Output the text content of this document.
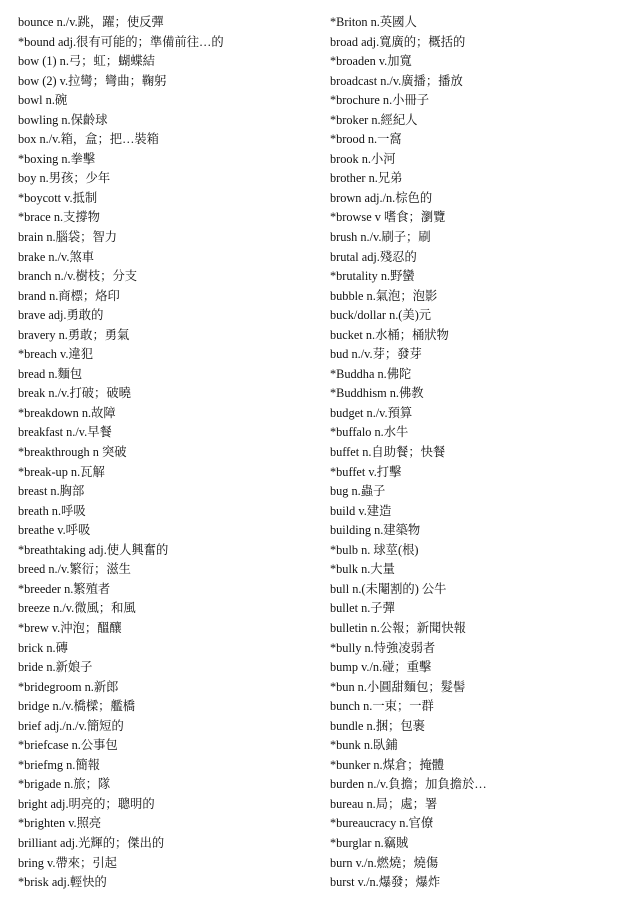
bounce n./v.跳，躍；使反彈
*bound adj.很有可能的；準備前往…的
bow (1) n.弓；虹；蝴蝶結
bow (2) v.拉彎；彎曲；鞠躬
bowl n.碗
bowling n.保齡球
box n./v.箱，盒；把…裝箱
*boxing n.拳擊
boy n.男孩；少年
*boycott v.抵制
*brace n.支撐物
brain n.腦袋；智力
brake n./v.煞車
branch n./v.樹枝；分支
brand n.商標；烙印
brave adj.勇敢的
bravery n.勇敢；勇氣
*breach v.違犯
bread n.麵包
break n./v.打破；破曉
*breakdown n.故障
breakfast n./v.早餐
*breakthrough n 突破
*break-up n.瓦解
breast n.胸部
breath n.呼吸
breathe v.呼吸
*breathtaking adj.使人興奮的
breed n./v.繁衍；滋生
*breeder n.繁殖者
breeze n./v.微風；和風
*brew v.沖泡；醞釀
brick n.磚
bride n.新娘子
*bridegroom n.新郎
bridge n./v.橋樑；艦橋
brief adj./n./v.簡短的
*briefcase n.公事包
*briefmg n.簡報
*brigade n.旅；隊
bright adj.明亮的；聰明的
*brighten v.照亮
brilliant adj.光輝的；傑出的
bring v.帶來；引起
*brisk adj.輕快的
*Briton n.英國人
broad adj.寬廣的；概括的
*broaden v.加寬
broadcast n./v.廣播；播放
*brochure n.小冊子
*broker n.經紀人
*brood n.一窩
brook n.小河
brother n.兄弟
brown adj./n.棕色的
*browse v 嗜食；瀏覽
brush n./v.刷子；刷
brutal adj.殘忍的
*brutality n.野蠻
bubble n.氣泡；泡影
buck/dollar n.(美)元
bucket n.水桶；桶狀物
bud n./v.芽；發芽
*Buddha n.佛陀
*Buddhism n.佛教
budget n./v.預算
*buffalo n.水牛
buffet n.自助餐；快餐
*buffet v.打擊
bug n.蟲子
build v.建造
building n.建築物
*bulb n. 球莖(根)
*bulk n.大量
bull n.(未閹割的) 公牛
bullet n.子彈
bulletin n.公報；新聞快報
*bully n.恃強凌弱者
bump v./n.碰；重擊
*bun n.小圓甜麵包；髮髻
bunch n.一束；一群
bundle n.捆；包裹
*bunk n.臥鋪
*bunker n.煤倉；掩體
burden n./v.負擔；加負擔於…
bureau n.局；處；署
*bureaucracy n.官僚
*burglar n.竊賊
burn v./n.燃燒；燒傷
burst v./n.爆發；爆炸
